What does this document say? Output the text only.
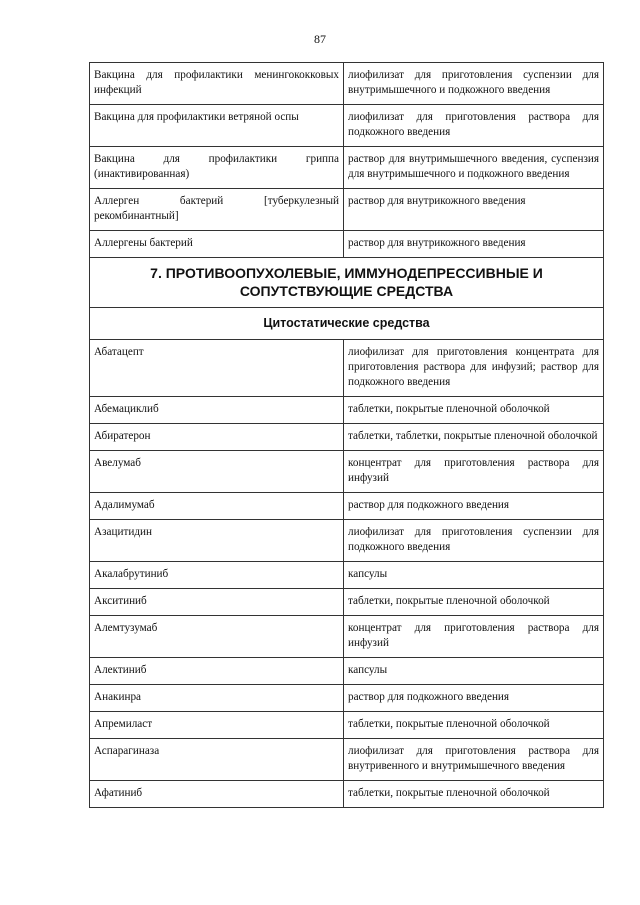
87
Вакцина для профилактики менингококковых инфекций	лиофилизат для приготовления суспензии для внутримышечного и подкожного введения
Вакцина для профилактики ветряной оспы	лиофилизат для приготовления раствора для подкожного введения
Вакцина для профилактики гриппа (инактивированная)	раствор для внутримышечного введения, суспензия для внутримышечного и подкожного введения
Аллерген бактерий [туберкулезный рекомбинантный]	раствор для внутрикожного введения
Аллергены бактерий	раствор для внутрикожного введения
7. ПРОТИВООПУХОЛЕВЫЕ, ИММУНОДЕПРЕССИВНЫЕ И СОПУТСТВУЮЩИЕ СРЕДСТВА	
Цитостатические средства	
Абатацепт	лиофилизат для приготовления концентрата для приготовления раствора для инфузий; раствор для подкожного введения
Абемациклиб	таблетки, покрытые пленочной оболочкой
Абиратерон	таблетки, таблетки, покрытые пленочной оболочкой
Авелумаб	концентрат для приготовления раствора для инфузий
Адалимумаб	раствор для подкожного введения
Азацитидин	лиофилизат для приготовления суспензии для подкожного введения
Акалабрутиниб	капсулы
Акситиниб	таблетки, покрытые пленочной оболочкой
Алемтузумаб	концентрат для приготовления раствора для инфузий
Алектиниб	капсулы
Анакинра	раствор для подкожного введения
Апремиласт	таблетки, покрытые пленочной оболочкой
Аспарагиназа	лиофилизат для приготовления раствора для внутривенного и внутримышечного введения
Афатиниб	таблетки, покрытые пленочной оболочкой
